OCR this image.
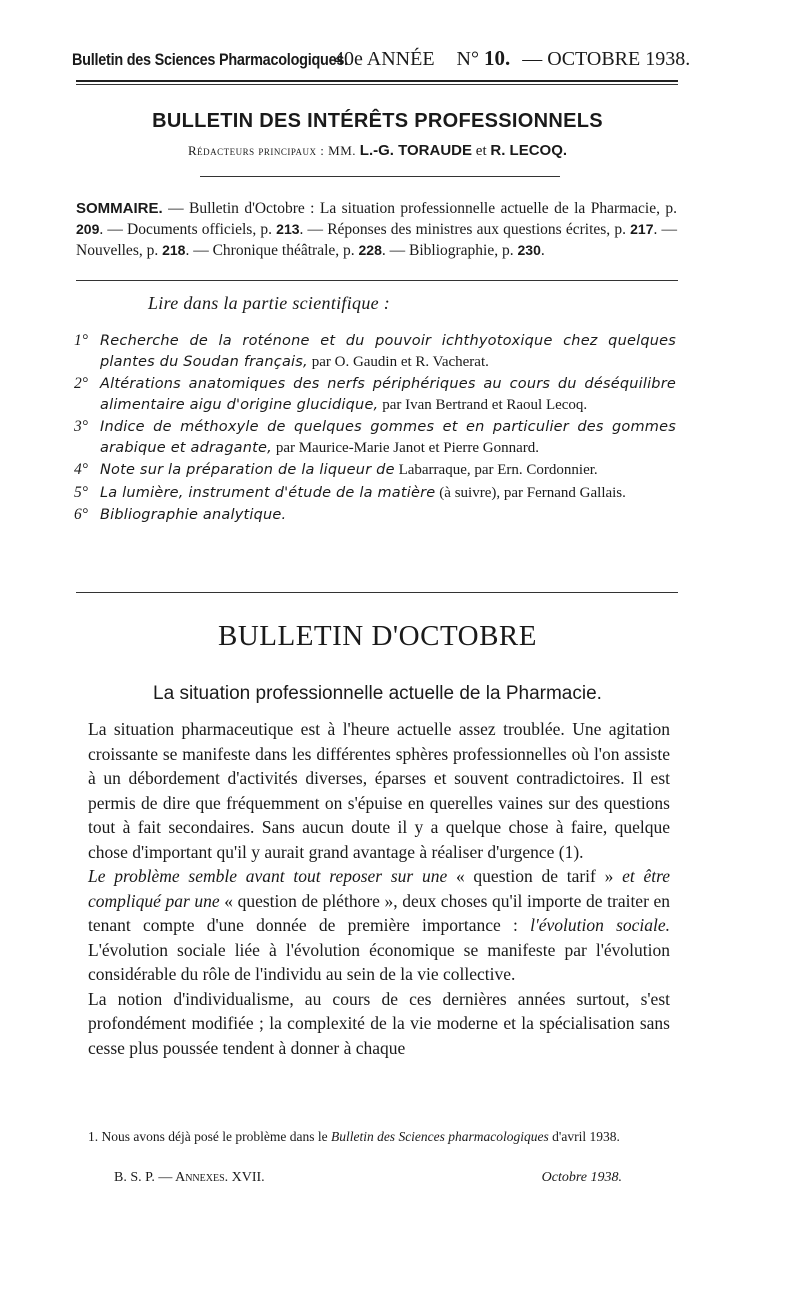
Bulletin des Sciences Pharmacologiques.
40e ANNÉE N° 10. — OCTOBRE 1938.
BULLETIN DES INTÉRÊTS PROFESSIONNELS
Rédacteurs principaux : MM. L.-G. TORAUDE et R. LECOQ.
SOMMAIRE. — Bulletin d'Octobre : La situation professionnelle actuelle de la Pharmacie, p. 209. — Documents officiels, p. 213. — Réponses des ministres aux questions écrites, p. 217. — Nouvelles, p. 218. — Chronique théâtrale, p. 228. — Bibliographie, p. 230.
Lire dans la partie scientifique :
1° Recherche de la roténone et du pouvoir ichthyotoxique chez quelques plantes du Soudan français, par O. Gaudin et R. Vacherat.
2° Altérations anatomiques des nerfs périphériques au cours du déséquilibre alimentaire aigu d'origine glucidique, par Ivan Bertrand et Raoul Lecoq.
3° Indice de méthoxyle de quelques gommes et en particulier des gommes arabique et adragante, par Maurice-Marie Janot et Pierre Gonnard.
4° Note sur la préparation de la liqueur de Labarraque, par Ern. Cordonnier.
5° La lumière, instrument d'étude de la matière (à suivre), par Fernand Gallais.
6° Bibliographie analytique.
BULLETIN D'OCTOBRE
La situation professionnelle actuelle de la Pharmacie.

La situation pharmaceutique est à l'heure actuelle assez troublée. Une agitation croissante se manifeste dans les différentes sphères professionnelles où l'on assiste à un débordement d'activités diverses, éparses et souvent contradictoires. Il est permis de dire que fréquemment on s'épuise en querelles vaines sur des questions tout à fait secondaires. Sans aucun doute il y a quelque chose à faire, quelque chose d'important qu'il y aurait grand avantage à réaliser d'urgence (1).

Le problème semble avant tout reposer sur une « question de tarif » et être compliqué par une « question de pléthore », deux choses qu'il importe de traiter en tenant compte d'une donnée de première importance : l'évolution sociale. L'évolution sociale liée à l'évolution économique se manifeste par l'évolution considérable du rôle de l'individu au sein de la vie collective.

La notion d'individualisme, au cours de ces dernières années surtout, s'est profondément modifiée ; la complexité de la vie moderne et la spécialisation sans cesse plus poussée tendent à donner à chaque

1. Nous avons déjà posé le problème dans le Bulletin des Sciences pharmacologiques d'avril 1938.
B. S. P. — Annexes. XVII.	Octobre 1938.
